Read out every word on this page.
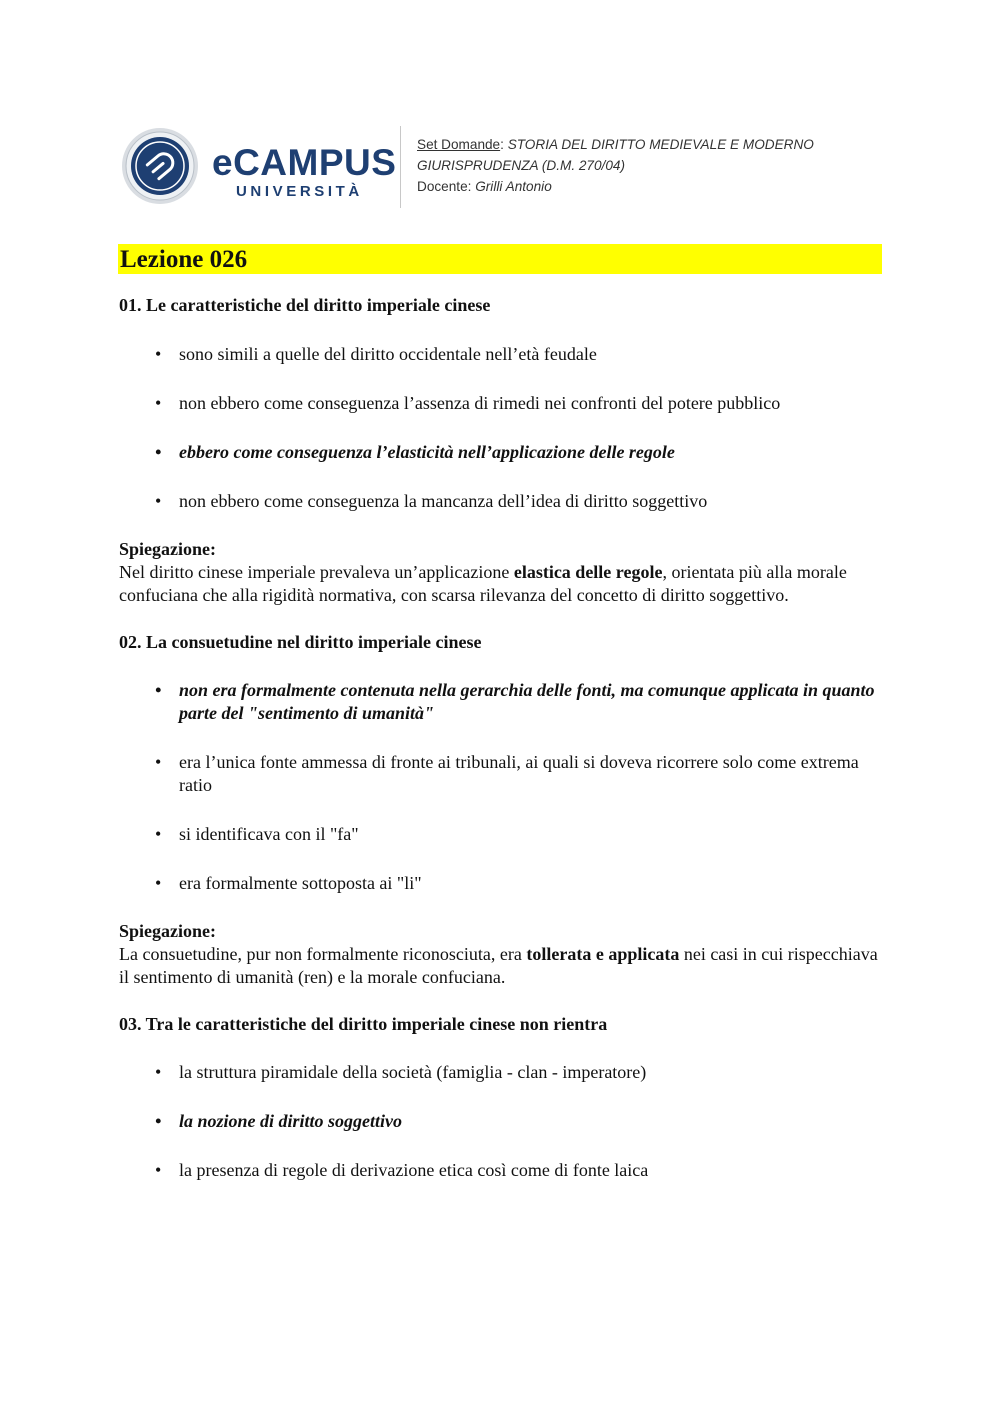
eCAMPUS
UNIVERSITÀ
Set Domande: STORIA DEL DIRITTO MEDIEVALE E MODERNO
GIURISPRUDENZA (D.M. 270/04)
Docente: Grilli Antonio
Lezione 026
01. Le caratteristiche del diritto imperiale cinese
• sono simili a quelle del diritto occidentale nell’età feudale
• non ebbero come conseguenza l’assenza di rimedi nei confronti del potere pubblico
• ebbero come conseguenza l’elasticità nell’applicazione delle regole
• non ebbero come conseguenza la mancanza dell’idea di diritto soggettivo
Spiegazione:
Nel diritto cinese imperiale prevaleva un’applicazione elastica delle regole, orientata più alla morale confuciana che alla rigidità normativa, con scarsa rilevanza del concetto di diritto soggettivo.
02. La consuetudine nel diritto imperiale cinese
• non era formalmente contenuta nella gerarchia delle fonti, ma comunque applicata in quanto parte del "sentimento di umanità"
• era l’unica fonte ammessa di fronte ai tribunali, ai quali si doveva ricorrere solo come extrema ratio
• si identificava con il "fa"
• era formalmente sottoposta ai "li"
Spiegazione:
La consuetudine, pur non formalmente riconosciuta, era tollerata e applicata nei casi in cui rispecchiava il sentimento di umanità (ren) e la morale confuciana.
03. Tra le caratteristiche del diritto imperiale cinese non rientra
• la struttura piramidale della società (famiglia - clan - imperatore)
• la nozione di diritto soggettivo
• la presenza di regole di derivazione etica così come di fonte laica
